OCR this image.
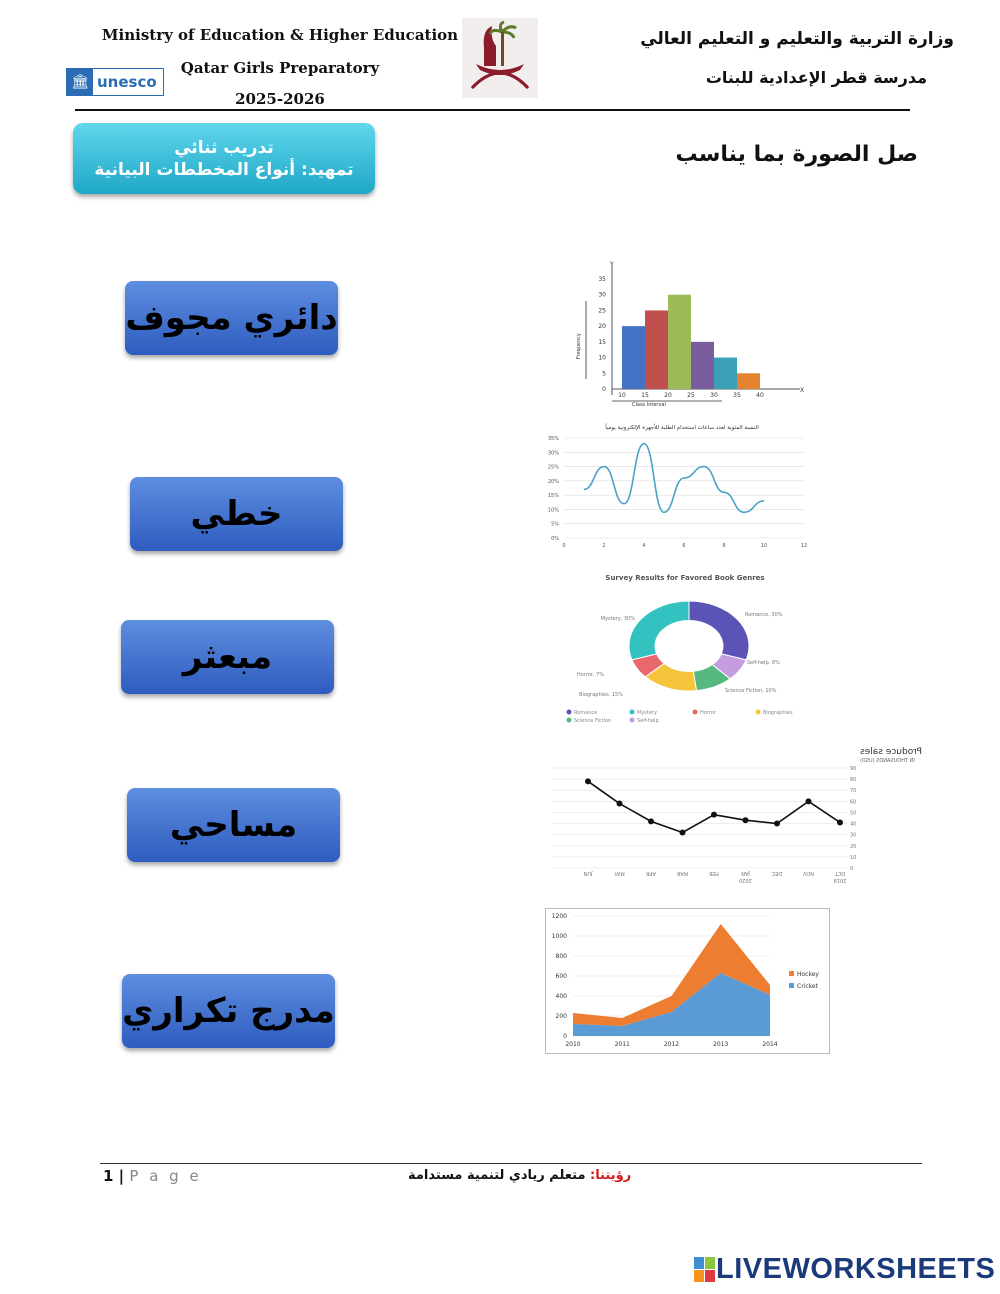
Ministry of Education & Higher Education
Qatar Girls Preparatory
2025-2026
🏛 unesco
وزارة التربية والتعليم و التعليم العالي
مدرسة قطر الإعدادية للبنات
تدريب ثنائي
تمهيد: أنواع المخططات البيانية
صل الصورة بما يناسب
دائري مجوف
خطي
مبعثر
مساحي
مدرج تكراري
X
Y
0
5
10
15
20
25
30
35
10	15	20	25	30	35	40
Class Interval
Frequency
النسبة المئوية لعدد ساعات استخدام الطلبة للأجهزة الإلكترونية يومياً
0%
5%
10%
15%
20%
25%
30%
35%
0	2	4	6	8	10	12
Survey Results for Favored Book Genres
Romance, 30%
Self-help, 8%
Science Fiction, 10%
Biographies, 15%
Horror, 7%
Mystery, 30%
Romance	Mystery	Horror	Biographies
Science Fiction	Self-help
Produce sales
IN THOUSANDS (USD)
0
10
20
30
40
50
60
70
80
90
OCT
2019
NOV
DEC
JAN
2020
FEB
MAR
APR
MAY
JUN
0
200
400
600
800
1000
1200
2010	2011	2012	2013	2014
Hockey
Cricket
1 | P a g e	رؤيتنا: متعلم ريادي لتنمية مستدامة
LIVEWORKSHEETS
